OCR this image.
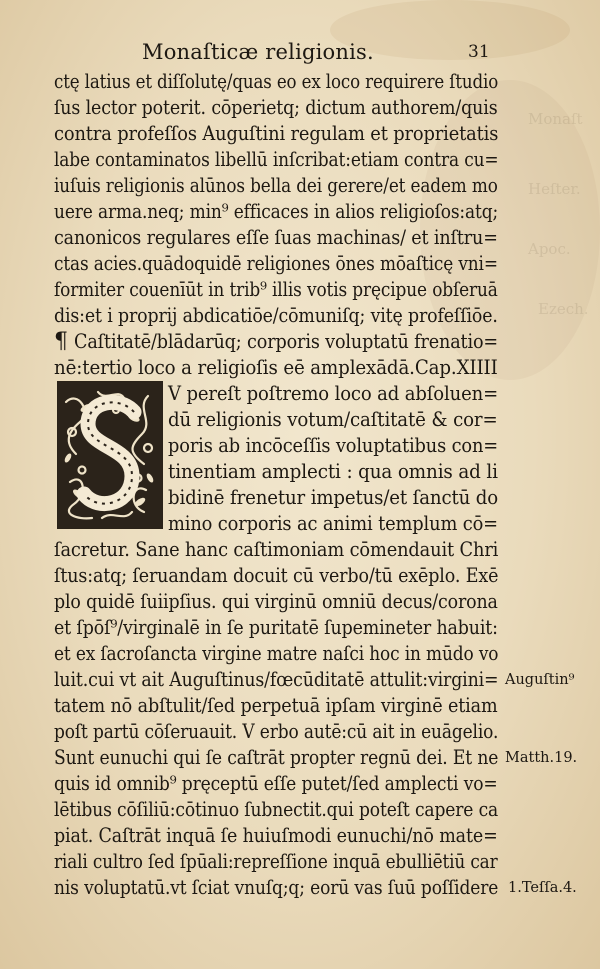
Monaſt
Heſter.
Apoc.
Ezech.
Monaſticæ religionis.	31
ctę latius et diſſolutę/quas eo ex loco requirere ſtudio
ſus lector poterit. cōperietq; dictum authorem/quis
contra profeſſos Auguſtini regulam et proprietatis
labe contaminatos libellū inſcribat:etiam contra cu=
iuſuis religionis alūnos bella dei gerere/et eadem mo
uere arma.neq; min⁹ efficaces in alios religioſos:atq;
canonicos regulares eſſe ſuas machinas/ et inſtru=
ctas acies.quādoquidē religiones ōnes mōaſticę vni=
formiter couenīūt in trib⁹ illis votis pręcipue obſeruā
dis:et i proprij abdicatiōe/cōmuniſq; vitę profeſſiōe.
¶ Caſtitatē/blādarūq; corporis voluptatū frenatio=
nē:tertio loco a religioſis eē amplexādā.Cap.XIIII
V pereſt poſtremo loco ad abſoluen=
dū religionis votum/caſtitatē & cor=
poris ab incōceſſis voluptatibus con=
tinentiam amplecti : qua omnis ad li
bidinē frenetur impetus/et ſanctū do
mino corporis ac animi templum cō=
ſacretur. Sane hanc caſtimoniam cōmendauit Chri
ſtus:atq; ſeruandam docuit cū verbo/tū exēplo. Exē
plo quidē ſuiipſius. qui virginū omniū decus/corona
et ſpōſ⁹/virginalē in ſe puritatē ſupemineter habuit:
et ex ſacroſancta virgine matre naſci hoc in mūdo vo
luit.cui vt ait Auguſtinus/fœcūditatē attulit:virgini=
tatem nō abſtulit/ſed perpetuā ipſam virginē etiam
poſt partū cōſeruauit. V erbo autē:cū ait in euāgelio.
Sunt eunuchi qui ſe caſtrāt propter regnū dei. Et ne
quis id omnib⁹ pręceptū eſſe putet/ſed amplecti vo=
lētibus cōſiliū:cōtinuo ſubnectit.qui poteſt capere ca
piat. Caſtrāt inquā ſe huiuſmodi eunuchi/nō mate=
riali cultro ſed ſpūali:repreſſione inquā ebulliētiū car
nis voluptatū.vt ſciat vnuſq;q; eorū vas ſuū poſſidere
Auguſtin⁹
Matth.19.
1.Teſſa.4.
